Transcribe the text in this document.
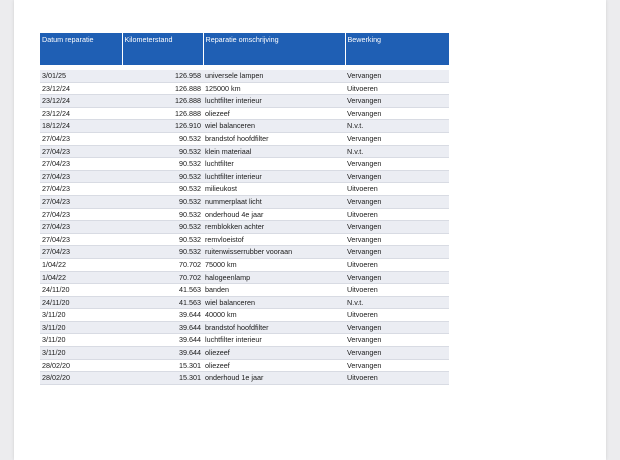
Datum reparatie	Kilometerstand	Reparatie omschrijving	Bewerking

3/01/25	126.958	universele lampen	Vervangen
23/12/24	126.888	125000 km	Uitvoeren
23/12/24	126.888	luchtfilter interieur	Vervangen
23/12/24	126.888	oliezeef	Vervangen
18/12/24	126.910	wiel balanceren	N.v.t.
27/04/23	90.532	brandstof hoofdfilter	Vervangen
27/04/23	90.532	klein materiaal	N.v.t.
27/04/23	90.532	luchtfilter	Vervangen
27/04/23	90.532	luchtfilter interieur	Vervangen
27/04/23	90.532	milieukost	Uitvoeren
27/04/23	90.532	nummerplaat licht	Vervangen
27/04/23	90.532	onderhoud 4e jaar	Uitvoeren
27/04/23	90.532	remblokken achter	Vervangen
27/04/23	90.532	remvloeistof	Vervangen
27/04/23	90.532	ruitenwisserrubber vooraan	Vervangen
1/04/22	70.702	75000 km	Uitvoeren
1/04/22	70.702	halogeenlamp	Vervangen
24/11/20	41.563	banden	Uitvoeren
24/11/20	41.563	wiel balanceren	N.v.t.
3/11/20	39.644	40000 km	Uitvoeren
3/11/20	39.644	brandstof hoofdfilter	Vervangen
3/11/20	39.644	luchtfilter interieur	Vervangen
3/11/20	39.644	oliezeef	Vervangen
28/02/20	15.301	oliezeef	Vervangen
28/02/20	15.301	onderhoud 1e jaar	Uitvoeren
